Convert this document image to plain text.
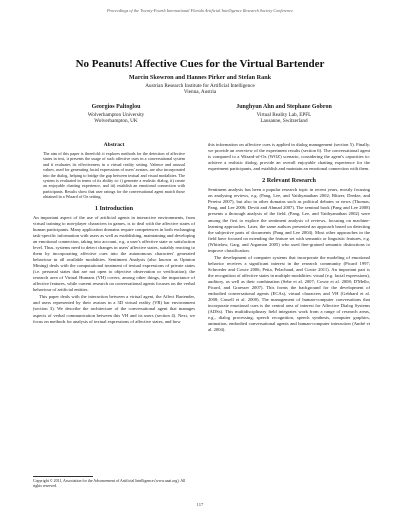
Proceedings of the Twenty-Fourth International Florida Artificial Intelligence Research Society Conference
No Peanuts! Affective Cues for the Virtual Bartender
Marcin Skowron and Hannes Pirker and Stefan Rank
Austrian Research Institute for Artificial Intelligence
Vienna, Austria
Georgios Paltoglou
Wolverhampton University
Wolverhampton, UK
Junghyun Ahn and Stephane Gobron
Virtual Reality Lab, EPFL
Lausanne, Switzerland
Abstract
The aim of this paper is threefold: it explores methods for the detection of affective states in text, it presents the usage of such affective cues in a conversational system and it evaluates its effectiveness in a virtual reality setting. Valence and arousal values, used for generating facial expressions of users' avatars, are also incorporated into the dialog, helping to bridge the gap between textual and visual modalities. The system is evaluated in terms of its ability to: i) generate a realistic dialog, ii) create an enjoyable chatting experience, and iii) establish an emotional connection with participants. Results show that user ratings for the conversational agent match those obtained in a Wizard of Oz setting.
1 Introduction

An important aspect of the use of artificial agents in interactive environments, from virtual training to non-player characters in games, is to deal with the affective states of human participants. Many application domains require competences in both exchanging task-specific information with users as well as establishing, maintaining and developing an emotional connection, taking into account, e.g. a user's affective state or satisfaction level. Thus, systems need to detect changes in users' affective states, suitably reacting to them by incorporating affective cues into the autonomous characters' generated behaviour in all available modalities. Sentiment Analysis (also known as Opinion Mining) deals with the computational treatment of textual expressions of private states (i.e. personal states that are not open to objective observation or verification); the research area of Virtual Humans (VH) covers, among other things, the importance of affective features, while current research on conversational agents focuses on the verbal behaviour of artificial entities.

This paper deals with the interaction between a virtual agent, the Affect Bartender, and users represented by their avatars in a 3D virtual reality (VR) bar environment (section 3). We describe the architecture of the conversational agent that manages aspects of verbal communication between this VH and its users (section 4). Next, we focus on methods for analysis of textual expressions of affective states, and how

this information on affective cues is applied in dialog management (section 5). Finally, we provide an overview of the experiment results (section 6). The conversational agent is compared to a Wizard-of-Oz (WOZ) scenario, considering the agent's capacities to: achieve a realistic dialog, provide an overall enjoyable chatting experience for the experiment participants, and establish and maintain an emotional connection with them.

2 Relevant Research

Sentiment analysis has been a popular research topic in recent years, mostly focusing on analysing reviews, e.g. (Pang, Lee, and Vaithyanathan 2002; Blitzer, Dredze, and Pereira 2007), but also in other domains such as political debates or news (Thomas, Pang, and Lee 2006; Devitt and Ahmad 2007). The seminal book (Pang and Lee 2008) presents a thorough analysis of the field. (Pang, Lee, and Vaithyanathan 2002) were among the first to explore the sentiment analysis of reviews, focusing on machine-learning approaches. Later, the same authors presented an approach based on detecting the subjective parts of documents (Pang and Lee 2004). Most other approaches in the field have focused on extending the feature set with semantic or linguistic features, e.g. (Whitelaw, Garg, and Argamon 2005) who used fine-grained semantic distinctions to improve classification.

The development of computer systems that incorporate the modeling of emotional behavior receives a significant interest in the research community (Picard 1997; Schroeder and Cowie 2006; Petta, Pelachaud, and Cowie 2011). An important part is the recognition of affective states in multiple modalities: visual (e.g. facial expressions), auditory, as well as their combination (Sebe et al. 2007; Cowie et al. 2008; D'Mello, Picard, and Graesser 2007). This forms the background for the development of embodied conversational agents (ECAs), virtual characters and VH (Gebhard et al. 2008; Cassell et al. 2000). The management of human-computer conversations that incorporate emotional cues is the central area of interest for Affective Dialog Systems (ADSs). This multidisciplinary field integrates work from a range of research areas, e.g., dialog processing, speech recognition, speech synthesis, computer graphics, animation, embodied conversational agents and human-computer interaction (André et al. 2004).

Copyright © 2011, Association for the Advancement of Artificial Intelligence (www.aaai.org). All rights reserved.
117
